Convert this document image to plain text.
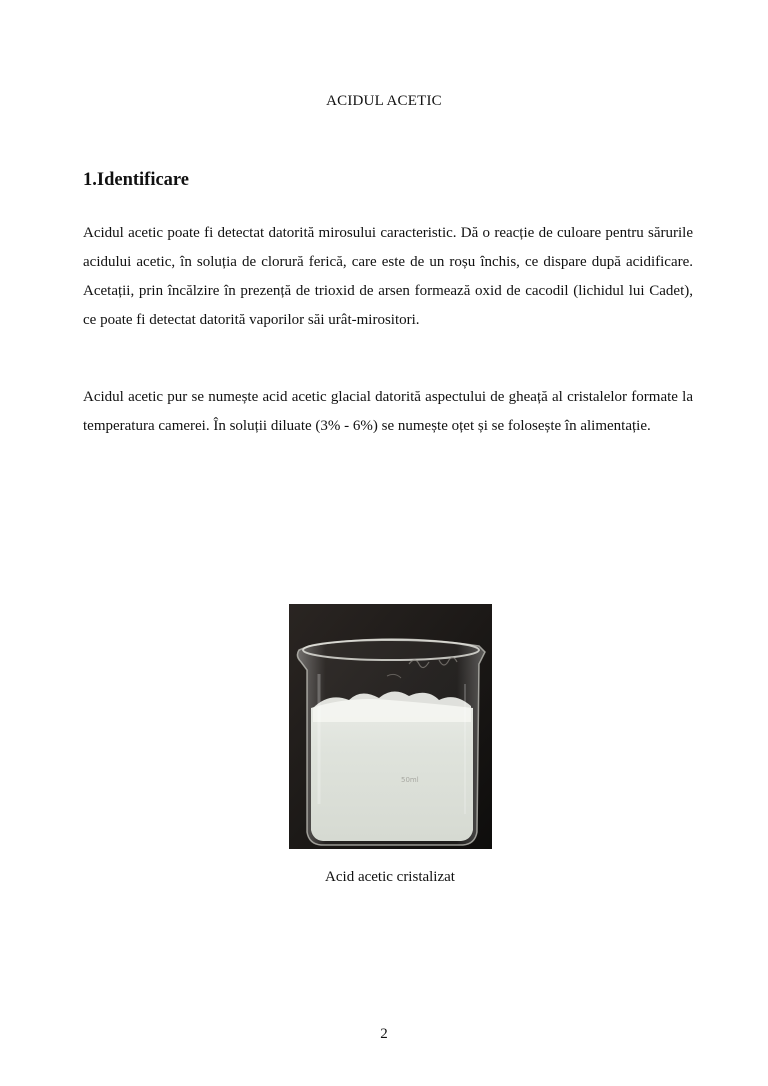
ACIDUL ACETIC
1.Identificare
Acidul acetic poate fi detectat datorită mirosului caracteristic. Dă o reacție de culoare pentru sărurile acidului acetic, în soluția de clorură ferică, care este de un roșu închis, ce dispare după acidificare. Acetații, prin încălzire în prezență de trioxid de arsen formează oxid de cacodil (lichidul lui Cadet), ce poate fi detectat datorită vaporilor săi urât-mirositori.
Acidul acetic pur se numește acid acetic glacial datorită aspectului de gheață al cristalelor formate la temperatura camerei. În soluții diluate (3% - 6%) se numește oțet și se folosește în alimentație.
50ml
Acid acetic cristalizat
2
